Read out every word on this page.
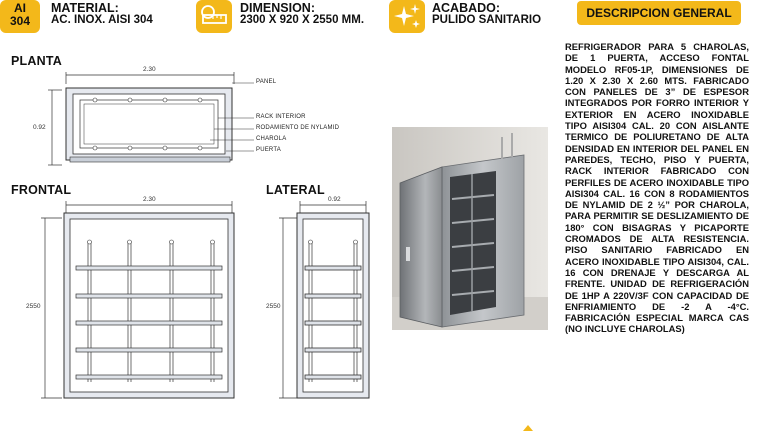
AI
304
MATERIAL:
AC. INOX. AISI 304
DIMENSION:
2300 X 920 X 2550 MM.
ACABADO:
PULIDO SANITARIO	DESCRIPCION GENERAL
PLANTA
FRONTAL	LATERAL
2.30
0.92
PANEL
RACK INTERIOR
RODAMIENTO DE NYLAMID
CHAROLA
PUERTA
2.30
2550
0.92
2550
REFRIGERADOR PARA 5 CHAROLAS, DE 1 PUERTA, ACCESO FONTAL MODELO RF05-1P, DIMENSIONES DE 1.20 X 2.30 X 2.60 MTS. FABRICADO CON PANELES DE 3” DE ESPESOR INTEGRADOS POR FORRO INTERIOR Y EXTERIOR EN ACERO INOXIDABLE TIPO AISI304 CAL. 20 CON AISLANTE TERMICO DE POLIURETANO DE ALTA DENSIDAD EN INTERIOR DEL PANEL EN PAREDES, TECHO, PISO Y PUERTA, RACK INTERIOR FABRICADO CON PERFILES DE ACERO INOXIDABLE TIPO AISI304 CAL. 16 CON 8 RODAMIENTOS DE NYLAMID DE 2 ½” POR CHAROLA, PARA PERMITIR SE DESLIZAMIENTO DE 180° CON BISAGRAS Y PICAPORTE CROMADOS DE ALTA RESISTENCIA. PISO SANITARIO FABRICADO EN ACERO INOXIDABLE TIPO AISI304, CAL. 16 CON DRENAJE Y DESCARGA AL FRENTE. UNIDAD DE REFRIGERACIÓN DE 1HP A 220V/3F CON CAPACIDAD DE ENFRIAMIENTO DE -2 A -4°C. FABRICACIÓN ESPECIAL MARCA CAS (NO INCLUYE CHAROLAS)
